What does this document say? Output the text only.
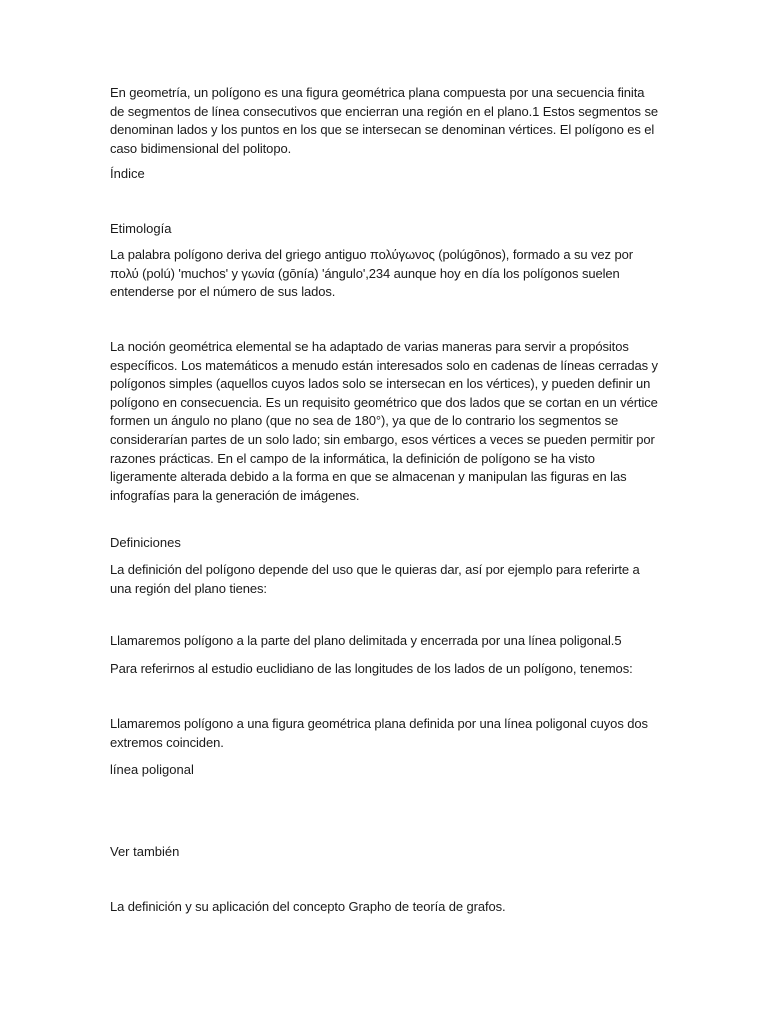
En geometría, un polígono es una figura geométrica plana compuesta por una secuencia finita de segmentos de línea consecutivos que encierran una región en el plano.1 Estos segmentos se denominan lados y los puntos en los que se intersecan se denominan vértices. El polígono es el caso bidimensional del politopo.

Índice

Etimología

La palabra polígono deriva del griego antiguo πολύγωνος (polúgōnos), formado a su vez por πολύ (polú) 'muchos' y γωνία (gōnía) 'ángulo',234 aunque hoy en día los polígonos suelen entenderse por el número de sus lados.

La noción geométrica elemental se ha adaptado de varias maneras para servir a propósitos específicos. Los matemáticos a menudo están interesados solo en cadenas de líneas cerradas y polígonos simples (aquellos cuyos lados solo se intersecan en los vértices), y pueden definir un polígono en consecuencia. Es un requisito geométrico que dos lados que se cortan en un vértice formen un ángulo no plano (que no sea de 180°), ya que de lo contrario los segmentos se considerarían partes de un solo lado; sin embargo, esos vértices a veces se pueden permitir por razones prácticas. En el campo de la informática, la definición de polígono se ha visto ligeramente alterada debido a la forma en que se almacenan y manipulan las figuras en las infografías para la generación de imágenes.

Definiciones

La definición del polígono depende del uso que le quieras dar, así por ejemplo para referirte a una región del plano tienes:

Llamaremos polígono a la parte del plano delimitada y encerrada por una línea poligonal.5

Para referirnos al estudio euclidiano de las longitudes de los lados de un polígono, tenemos:

Llamaremos polígono a una figura geométrica plana definida por una línea poligonal cuyos dos extremos coinciden.

línea poligonal

Ver también

La definición y su aplicación del concepto Grapho de teoría de grafos.
